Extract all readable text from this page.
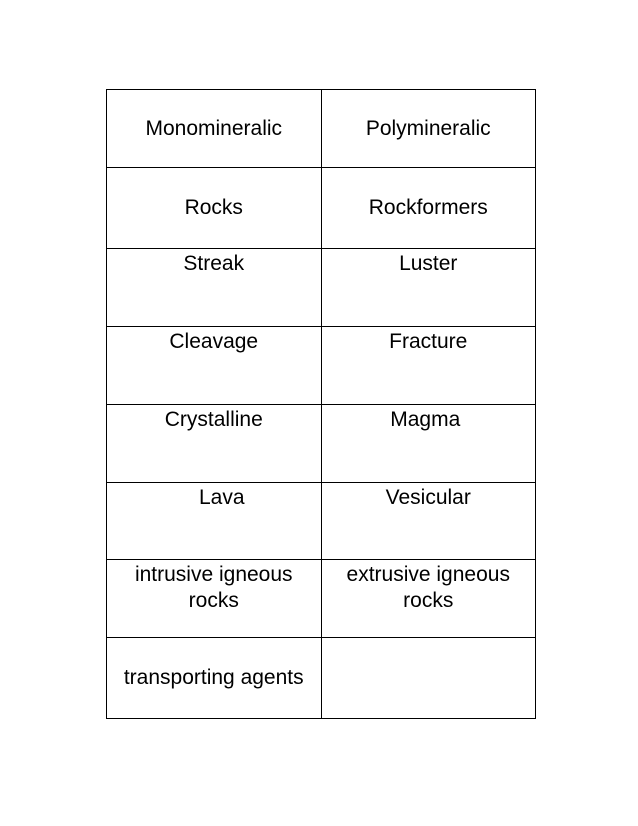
Monomineralic	Polymineralic
Rocks	Rockformers
Streak	Luster
Cleavage	Fracture
Crystalline	Magma
Lava	Vesicular
intrusive igneous rocks	extrusive igneous rocks
transporting agents	
